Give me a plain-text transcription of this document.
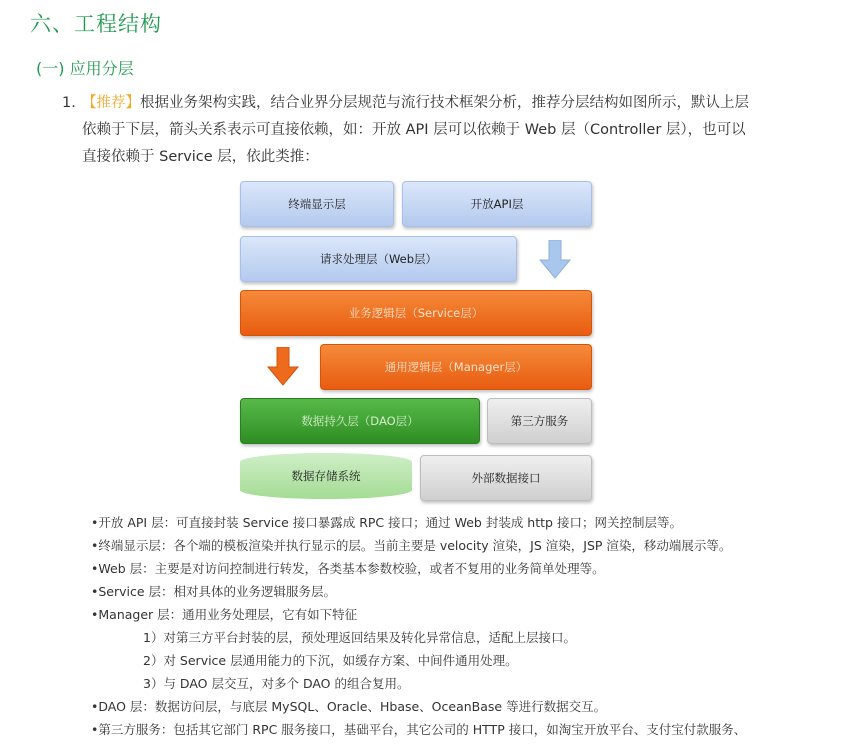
六、工程结构
(一) 应用分层
1. 【推荐】根据业务架构实践，结合业界分层规范与流行技术框架分析，推荐分层结构如图所示，默认上层
依赖于下层，箭头关系表示可直接依赖，如：开放 API 层可以依赖于 Web 层（Controller 层），也可以
直接依赖于 Service 层，依此类推：
终端显示层	开放API层
请求处理层（Web层）
业务逻辑层（Service层）
通用逻辑层（Manager层）
数据持久层（DAO层）	第三方服务
数据存储系统	外部数据接口
•开放 API 层：可直接封装 Service 接口暴露成 RPC 接口；通过 Web 封装成 http 接口；网关控制层等。
•终端显示层：各个端的模板渲染并执行显示的层。当前主要是 velocity 渲染，JS 渲染，JSP 渲染，移动端展示等。
•Web 层：主要是对访问控制进行转发，各类基本参数校验，或者不复用的业务简单处理等。
•Service 层：相对具体的业务逻辑服务层。
•Manager 层：通用业务处理层，它有如下特征
1）对第三方平台封装的层，预处理返回结果及转化异常信息，适配上层接口。
2）对 Service 层通用能力的下沉，如缓存方案、中间件通用处理。
3）与 DAO 层交互，对多个 DAO 的组合复用。
•DAO 层：数据访问层，与底层 MySQL、Oracle、Hbase、OceanBase 等进行数据交互。
•第三方服务：包括其它部门 RPC 服务接口，基础平台，其它公司的 HTTP 接口，如淘宝开放平台、支付宝付款服务、
